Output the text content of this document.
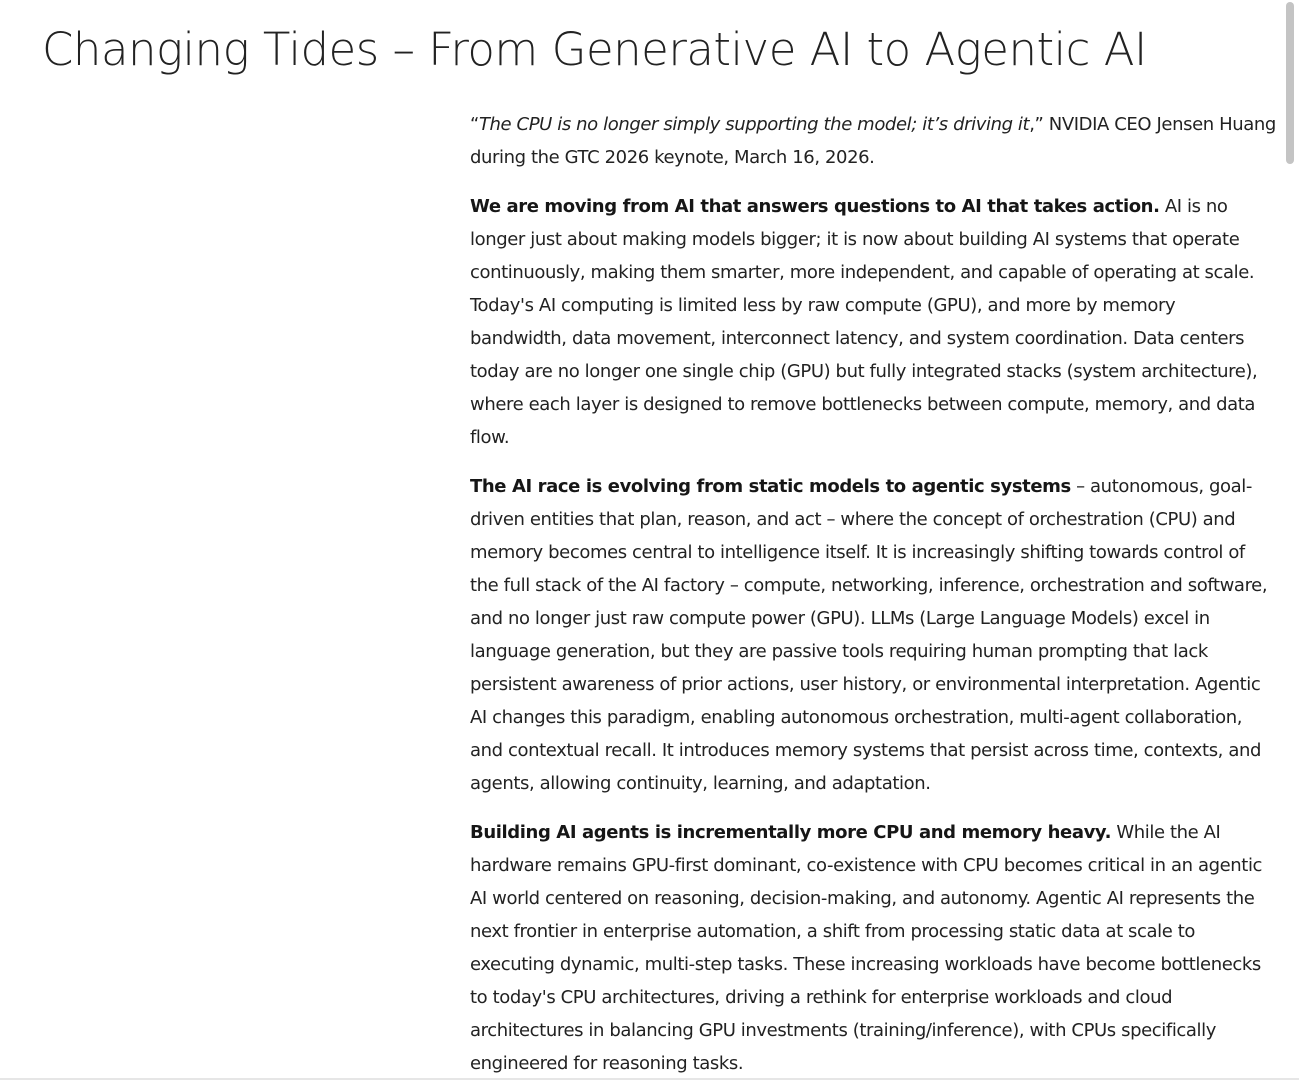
Changing Tides – From Generative AI to Agentic AI

“The CPU is no longer simply supporting the model; it’s driving it,” NVIDIA CEO Jensen Huang during the GTC 2026 keynote, March 16, 2026.

We are moving from AI that answers questions to AI that takes action. AI is no longer just about making models bigger; it is now about building AI systems that operate continuously, making them smarter, more independent, and capable of operating at scale. Today's AI computing is limited less by raw compute (GPU), and more by memory bandwidth, data movement, interconnect latency, and system coordination. Data centers today are no longer one single chip (GPU) but fully integrated stacks (system architecture), where each layer is designed to remove bottlenecks between compute, memory, and data flow.

The AI race is evolving from static models to agentic systems – autonomous, goal-driven entities that plan, reason, and act – where the concept of orchestration (CPU) and memory becomes central to intelligence itself. It is increasingly shifting towards control of the full stack of the AI factory – compute, networking, inference, orchestration and software, and no longer just raw compute power (GPU). LLMs (Large Language Models) excel in language generation, but they are passive tools requiring human prompting that lack persistent awareness of prior actions, user history, or environmental interpretation. Agentic AI changes this paradigm, enabling autonomous orchestration, multi-agent collaboration, and contextual recall. It introduces memory systems that persist across time, contexts, and agents, allowing continuity, learning, and adaptation.

Building AI agents is incrementally more CPU and memory heavy. While the AI hardware remains GPU-first dominant, co-existence with CPU becomes critical in an agentic AI world centered on reasoning, decision-making, and autonomy. Agentic AI represents the next frontier in enterprise automation, a shift from processing static data at scale to executing dynamic, multi-step tasks. These increasing workloads have become bottlenecks to today's CPU architectures, driving a rethink for enterprise workloads and cloud architectures in balancing GPU investments (training/inference), with CPUs specifically engineered for reasoning tasks.
